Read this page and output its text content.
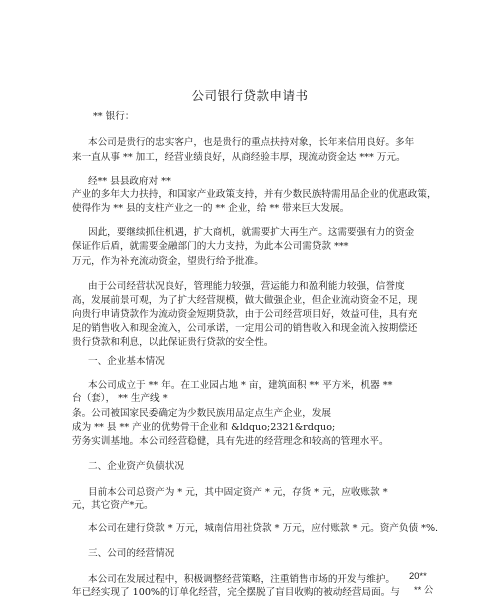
公司银行贷款申请书
** 银行：
本公司是贵行的忠实客户，也是贵行的重点扶持对象，长年来信用良好。多年
来一直从事 ** 加工，经营业绩良好，从商经验丰厚，现流动资金达 *** 万元。
经** 县县政府对 **
产业的多年大力扶持，和国家产业政策支持，并有少数民族特需用品企业的优惠政策，
使得作为 ** 县的支柱产业之一的 ** 企业，给 ** 带来巨大发展。
因此，要继续抓住机遇，扩大商机，就需要扩大再生产。这需要强有力的资金
保证作后盾，就需要金融部门的大力支持，为此本公司需贷款 ***
万元，作为补充流动资金，望贵行给予批准。
由于公司经营状况良好，管理能力较强，营运能力和盈利能力较强，信誉度
高，发展前景可观，为了扩大经营规模，做大做强企业，但企业流动资金不足，现
向贵行申请贷款作为流动资金短期贷款，由于公司经营项目好，效益可佳，具有充
足的销售收入和现金流入，公司承诺，一定用公司的销售收入和现金流入按期偿还
贵行贷款和利息，以此保证贵行贷款的安全性。
一、企业基本情况
本公司成立于 ** 年。在工业园占地 * 亩，建筑面积 ** 平方米，机器 **
台（套）， ** 生产线 *
条。公司被国家民委确定为少数民族用品定点生产企业，发展
成为 ** 县 ** 产业的优势骨干企业和 &ldquo;2321&rdquo;
劳务实训基地。本公司经营稳健，具有先进的经营理念和较高的管理水平。
二、企业资产负债状况
目前本公司总资产为 * 元，其中固定资产 * 元，存货 * 元，应收账款 *
元，其它资产*元。
本公司在建行贷款 * 万元，城南信用社贷款 * 万元，应付账款 * 元。资产负债 *%.
三、公司的经营情况
本公司在发展过程中，积极调整经营策略，注重销售市场的开发与维护。
年已经实现了 100%的订单化经营，完全摆脱了盲目收购的被动经营局面。与
20**
** 公
